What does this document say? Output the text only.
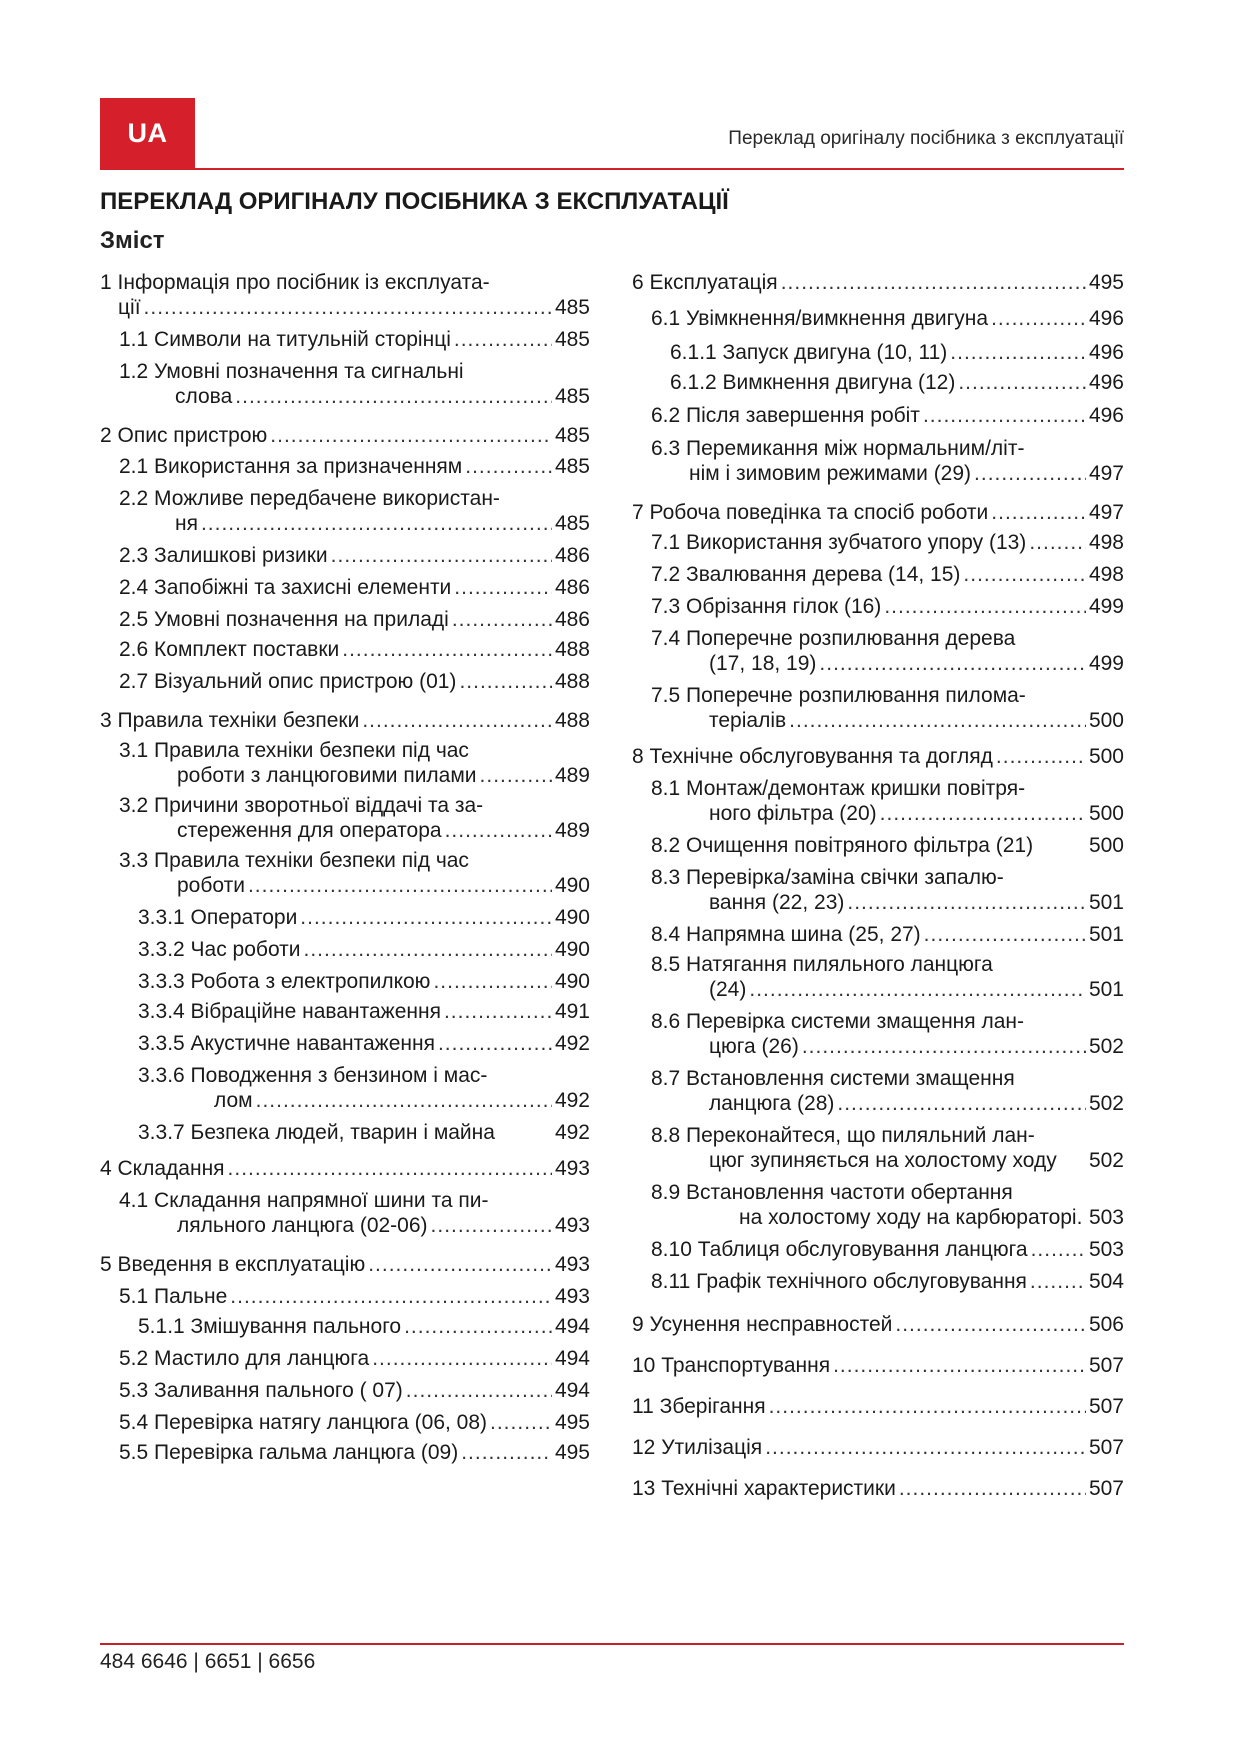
UA	Переклад оригіналу посібника з експлуатації
ПЕРЕКЛАД ОРИГІНАЛУ ПОСІБНИКА З ЕКСПЛУАТАЦІЇ
Зміст
1 Інформація про посібник із експлуата-
ції .....	485
1.1 Символи на титульній сторінці .....	485
1.2 Умовні позначення та сигнальні
слова .....	485
2 Опис пристрою .....	485
2.1 Використання за призначенням .....	485
2.2 Можливе передбачене використан-
ня .....	485
2.3 Залишкові ризики .....	486
2.4 Запобіжні та захисні елементи .....	486
2.5 Умовні позначення на приладі .....	486
2.6 Комплект поставки .....	488
2.7 Візуальний опис пристрою (01) .....	488
3 Правила техніки безпеки .....	488
3.1 Правила техніки безпеки під час
роботи з ланцюговими пилами .....	489
3.2 Причини зворотньої віддачі та за-
стереження для оператора .....	489
3.3 Правила техніки безпеки під час
роботи .....	490
3.3.1 Оператори .....	490
3.3.2 Час роботи .....	490
3.3.3 Робота з електропилкою .....	490
3.3.4 Вібраційне навантаження .....	491
3.3.5 Акустичне навантаження .....	492
3.3.6 Поводження з бензином і мас-
лом .....	492
3.3.7 Безпека людей, тварин і майна	492
4 Складання .....	493
4.1 Складання напрямної шини та пи-
ляльного ланцюга (02-06) .....	493
5 Введення в експлуатацію .....	493
5.1 Пальне .....	493
5.1.1 Змішування пального .....	494
5.2 Мастило для ланцюга .....	494
5.3 Заливання пального ( 07) .....	494
5.4 Перевірка натягу ланцюга (06, 08) .....	495
5.5 Перевірка гальма ланцюга (09) .....	495
6 Експлуатація .....	495
6.1 Увімкнення/вимкнення двигуна .....	496
6.1.1 Запуск двигуна (10, 11) .....	496
6.1.2 Вимкнення двигуна (12) .....	496
6.2 Після завершення робіт .....	496
6.3 Перемикання між нормальним/літ-
нім і зимовим режимами (29) .....	497
7 Робоча поведінка та спосіб роботи .....	497
7.1 Використання зубчатого упору (13) .....	498
7.2 Звалювання дерева (14, 15) .....	498
7.3 Обрізання гілок (16) .....	499
7.4 Поперечне розпилювання дерева
(17, 18, 19) .....	499
7.5 Поперечне розпилювання пилома-
теріалів .....	500
8 Технічне обслуговування та догляд .....	500
8.1 Монтаж/демонтаж кришки повітря-
ного фільтра (20) .....	500
8.2 Очищення повітряного фільтра (21)	500
8.3 Перевірка/заміна свічки запалю-
вання (22, 23) .....	501
8.4 Напрямна шина (25, 27) .....	501
8.5 Натягання пиляльного ланцюга
(24) .....	501
8.6 Перевірка системи змащення лан-
цюга (26) .....	502
8.7 Встановлення системи змащення
ланцюга (28) .....	502
8.8 Переконайтеся, що пиляльний лан-
цюг зупиняється на холостому ходу 502
8.9 Встановлення частоти обертання
на холостому ходу на карбюраторі. 503
8.10 Таблиця обслуговування ланцюга .....	503
8.11 Графік технічного обслуговування .....	504
9 Усунення несправностей .....	506
10 Транспортування .....	507
11 Зберігання .....	507
12 Утилізація .....	507
13 Технічні характеристики .....	507
484 6646 | 6651 | 6656
